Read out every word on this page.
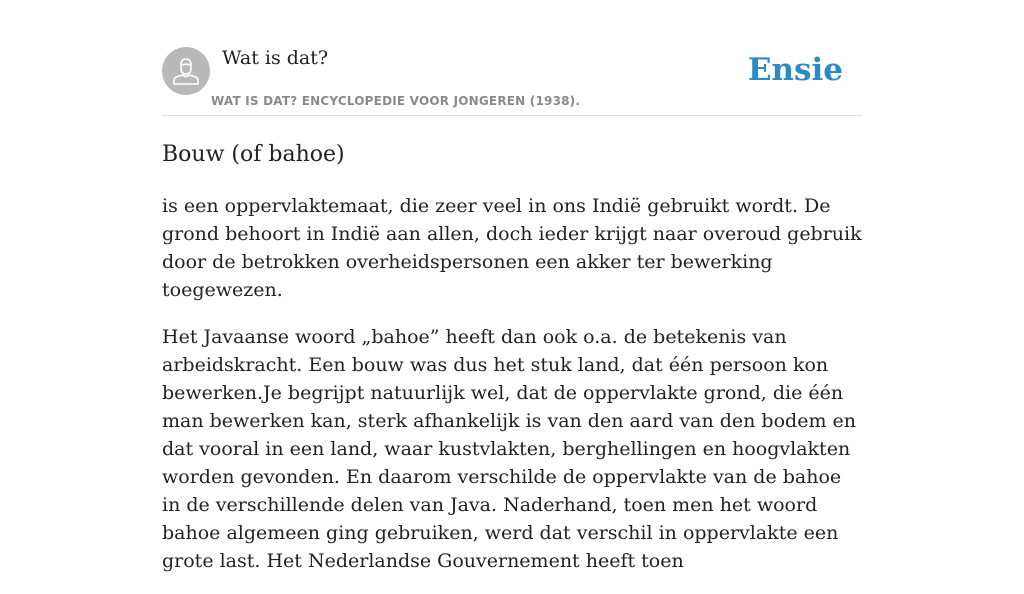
Wat is dat?
WAT IS DAT? ENCYCLOPEDIE VOOR JONGEREN (1938).
Ensie
Bouw (of bahoe)

is een oppervlaktemaat, die zeer veel in ons Indië gebruikt wordt. De grond behoort in Indië aan allen, doch ieder krijgt naar overoud gebruik door de betrokken overheidspersonen een akker ter bewerking toegewezen.

Het Javaanse woord „bahoe” heeft dan ook o.a. de betekenis van arbeidskracht. Een bouw was dus het stuk land, dat één persoon kon bewerken.Je begrijpt natuurlijk wel, dat de oppervlakte grond, die één man bewerken kan, sterk afhankelijk is van den aard van den bodem en dat vooral in een land, waar kustvlakten, berghellingen en hoogvlakten worden gevonden. En daarom verschilde de oppervlakte van de bahoe in de verschillende delen van Java. Naderhand, toen men het woord bahoe algemeen ging gebruiken, werd dat verschil in oppervlakte een grote last. Het Nederlandse Gouvernement heeft toen
